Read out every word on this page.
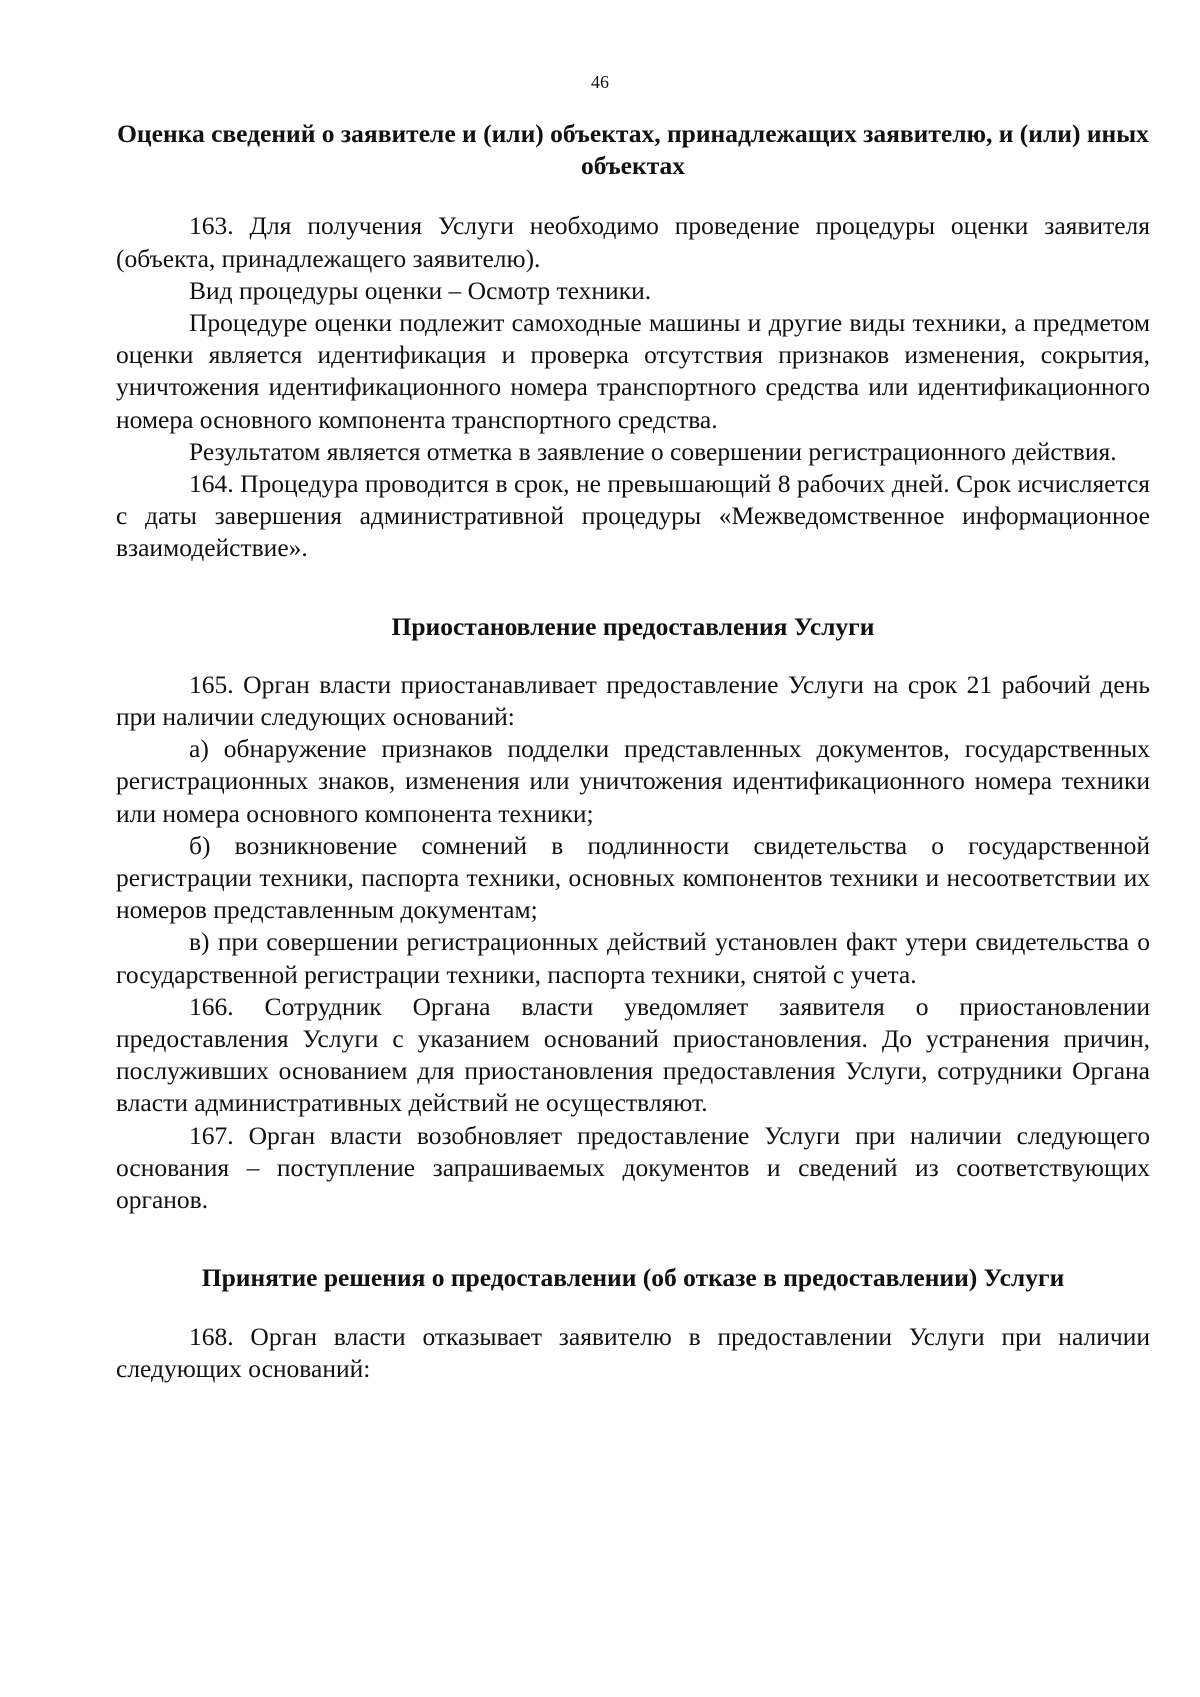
46
Оценка сведений о заявителе и (или) объектах, принадлежащих заявителю, и (или) иных объектах

163. Для получения Услуги необходимо проведение процедуры оценки заявителя (объекта, принадлежащего заявителю).

Вид процедуры оценки – Осмотр техники.

Процедуре оценки подлежит самоходные машины и другие виды техники, а предметом оценки является идентификация и проверка отсутствия признаков изменения, сокрытия, уничтожения идентификационного номера транспортного средства или идентификационного номера основного компонента транспортного средства.

Результатом является отметка в заявление о совершении регистрационного действия.

164. Процедура проводится в срок, не превышающий 8 рабочих дней. Срок исчисляется с даты завершения административной процедуры «Межведомственное информационное взаимодействие».

Приостановление предоставления Услуги

165. Орган власти приостанавливает предоставление Услуги на срок 21 рабочий день при наличии следующих оснований:

а) обнаружение признаков подделки представленных документов, государственных регистрационных знаков, изменения или уничтожения идентификационного номера техники или номера основного компонента техники;

б) возникновение сомнений в подлинности свидетельства о государственной регистрации техники, паспорта техники, основных компонентов техники и несоответствии их номеров представленным документам;

в) при совершении регистрационных действий установлен факт утери свидетельства о государственной регистрации техники, паспорта техники, снятой с учета.

166. Сотрудник Органа власти уведомляет заявителя о приостановлении предоставления Услуги с указанием оснований приостановления. До устранения причин, послуживших основанием для приостановления предоставления Услуги, сотрудники Органа власти административных действий не осуществляют.

167. Орган власти возобновляет предоставление Услуги при наличии следующего основания – поступление запрашиваемых документов и сведений из соответствующих органов.

Принятие решения о предоставлении (об отказе в предоставлении) Услуги

168. Орган власти отказывает заявителю в предоставлении Услуги при наличии следующих оснований:
